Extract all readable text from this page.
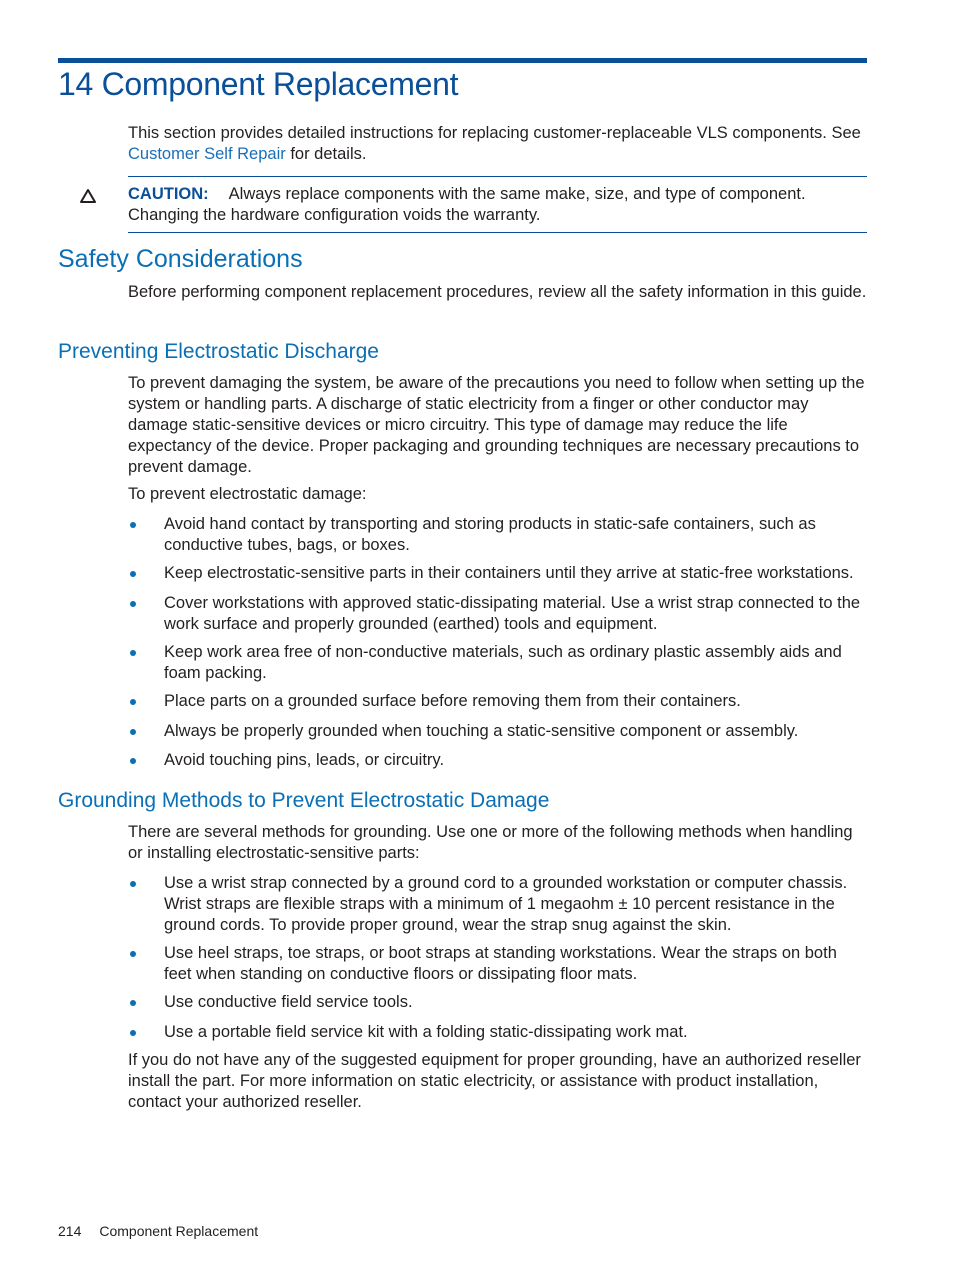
14 Component Replacement

This section provides detailed instructions for replacing customer-replaceable VLS components. See Customer Self Repair for details.

CAUTION: Always replace components with the same make, size, and type of component. Changing the hardware configuration voids the warranty.

Safety Considerations

Before performing component replacement procedures, review all the safety information in this guide.

Preventing Electrostatic Discharge

To prevent damaging the system, be aware of the precautions you need to follow when setting up the system or handling parts. A discharge of static electricity from a finger or other conductor may damage static-sensitive devices or micro circuitry. This type of damage may reduce the life expectancy of the device. Proper packaging and grounding techniques are necessary precautions to prevent damage.

To prevent electrostatic damage:

Avoid hand contact by transporting and storing products in static-safe containers, such as conductive tubes, bags, or boxes.
Keep electrostatic-sensitive parts in their containers until they arrive at static-free workstations.
Cover workstations with approved static-dissipating material. Use a wrist strap connected to the work surface and properly grounded (earthed) tools and equipment.
Keep work area free of non-conductive materials, such as ordinary plastic assembly aids and foam packing.
Place parts on a grounded surface before removing them from their containers.
Always be properly grounded when touching a static-sensitive component or assembly.
Avoid touching pins, leads, or circuitry.
Grounding Methods to Prevent Electrostatic Damage

There are several methods for grounding. Use one or more of the following methods when handling or installing electrostatic-sensitive parts:

Use a wrist strap connected by a ground cord to a grounded workstation or computer chassis. Wrist straps are flexible straps with a minimum of 1 megaohm ± 10 percent resistance in the ground cords. To provide proper ground, wear the strap snug against the skin.
Use heel straps, toe straps, or boot straps at standing workstations. Wear the straps on both feet when standing on conductive floors or dissipating floor mats.
Use conductive field service tools.
Use a portable field service kit with a folding static-dissipating work mat.

If you do not have any of the suggested equipment for proper grounding, have an authorized reseller install the part. For more information on static electricity, or assistance with product installation, contact your authorized reseller.

214 Component Replacement
